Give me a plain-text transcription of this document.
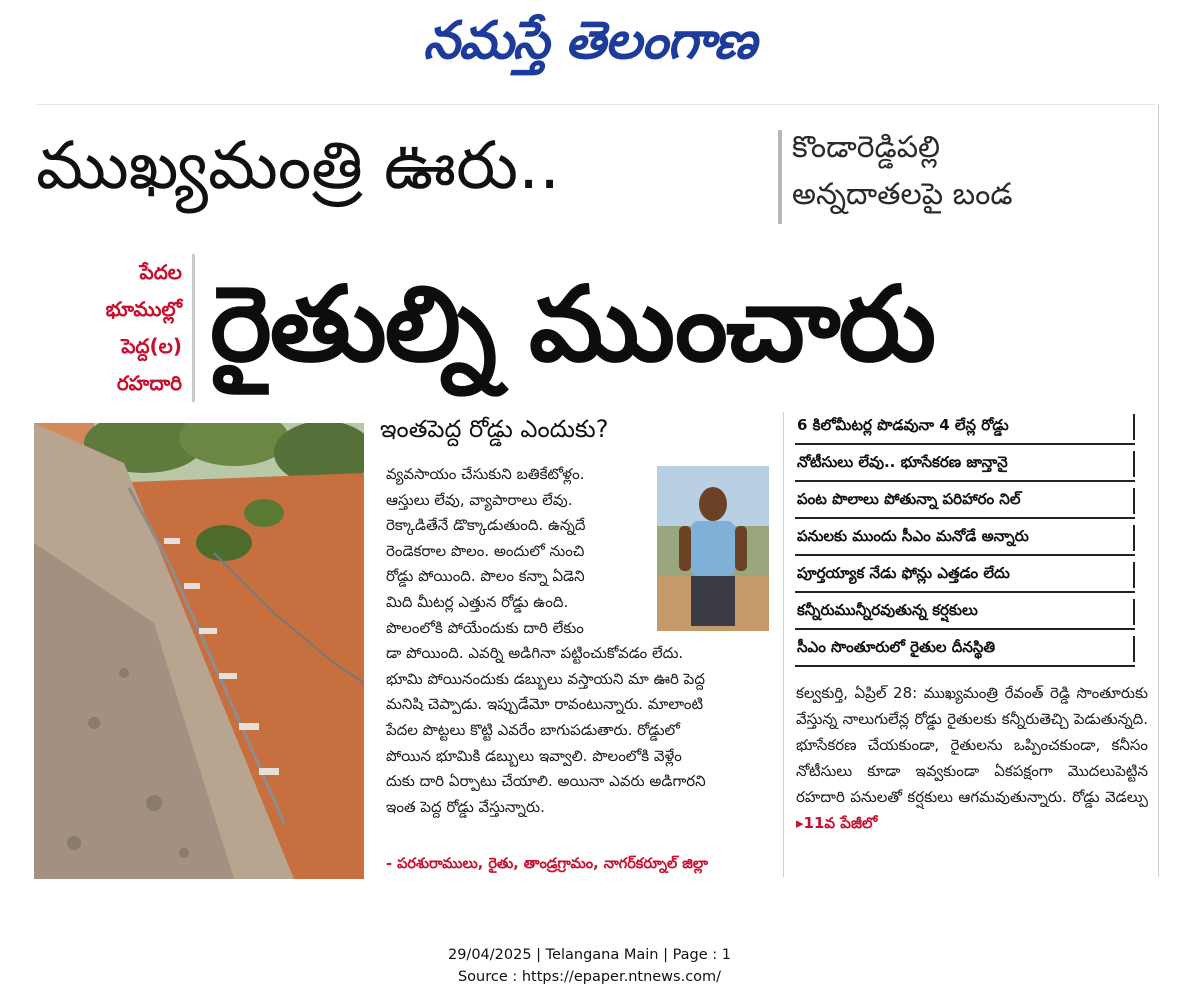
నమస్తే తెలంగాణ
ముఖ్యమంత్రి ఊరు..	కొండారెడ్డిపల్లి
అన్నదాతలపై బండ
పేదల
భూముల్లో
పెద్ద(ల)
రహదారి రైతుల్ని ముంచారు
ఇంతపెద్ద రోడ్డు ఎందుకు?

వ్యవసాయం చేసుకుని బతికేటోళ్లం.

ఆస్తులు లేవు, వ్యాపారాలు లేవు.

రెక్కాడితేనే డొక్కాడుతుంది. ఉన్నదే

రెండెకరాల పొలం. అందులో నుంచి

రోడ్డు పోయింది. పొలం కన్నా ఏడెని

మిది మీటర్ల ఎత్తున రోడ్డు ఉంది.

పొలంలోకి పోయేందుకు దారి లేకుం

డా పోయింది. ఎవర్ని అడిగినా పట్టించుకోవడం లేదు.

భూమి పోయినందుకు డబ్బులు వస్తాయని మా ఊరి పెద్ద

మనిషి చెప్పాడు. ఇప్పుడేమో రావంటున్నారు. మాలాంటి

పేదల పొట్టలు కొట్టి ఎవరేం బాగుపడుతారు. రోడ్డులో

పోయిన భూమికి డబ్బులు ఇవ్వాలి. పొలంలోకి వెళ్లేం

దుకు దారి ఏర్పాటు చేయాలి. అయినా ఎవరు అడిగారని

ఇంత పెద్ద రోడ్డు వేస్తున్నారు.

- పరశురాములు, రైతు, తాండ్రగ్రామం, నాగర్‌కర్నూల్ జిల్లా
6 కిలోమీటర్ల పొడవునా 4 లేన్ల రోడ్డు
నోటీసులు లేవు.. భూసేకరణ జాన్తానై
పంట పొలాలు పోతున్నా పరిహారం నిల్
పనులకు ముందు సీఎం మనోడే అన్నారు
పూర్తయ్యాక నేడు ఫోన్లు ఎత్తడం లేదు
కన్నీరుమున్నీరవుతున్న కర్షకులు
సీఎం సొంతూరులో రైతుల దీనస్థితి
కల్వకుర్తి, ఏప్రిల్ 28: ముఖ్యమంత్రి రేవంత్ రెడ్డి సొంతూరుకు వేస్తున్న నాలుగులేన్ల రోడ్డు రైతులకు కన్నీరుతెచ్చి పెడుతున్నది. భూసేకరణ చేయకుండా, రైతులను ఒప్పించకుండా, కనీసం నోటీసులు కూడా ఇవ్వకుండా ఏకపక్షంగా మొదలుపెట్టిన రహదారి పనులతో కర్షకులు ఆగమవుతున్నారు. రోడ్డు వెడల్పు ▸11వ పేజీలో
29/04/2025 | Telangana Main | Page : 1
Source : https://epaper.ntnews.com/
